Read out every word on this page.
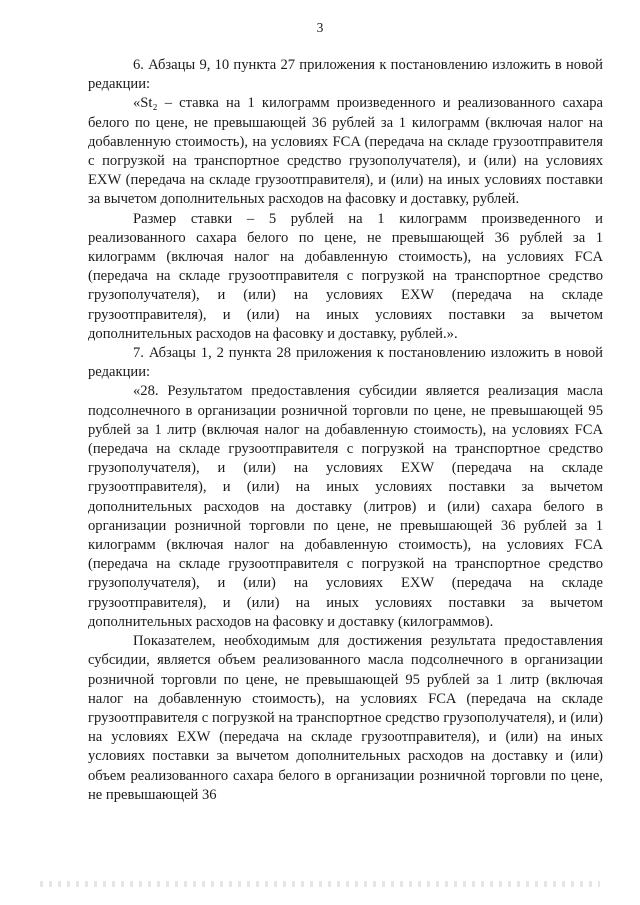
3

6. Абзацы 9, 10 пункта 27 приложения к постановлению изложить в новой редакции:

«St₂ – ставка на 1 килограмм произведенного и реализованного сахара белого по цене, не превышающей 36 рублей за 1 килограмм (включая налог на добавленную стоимость), на условиях FCA (передача на складе грузоотправителя с погрузкой на транспортное средство грузополучателя), и (или) на условиях EXW (передача на складе грузоотправителя), и (или) на иных условиях поставки за вычетом дополнительных расходов на фасовку и доставку, рублей.

Размер ставки – 5 рублей на 1 килограмм произведенного и реализованного сахара белого по цене, не превышающей 36 рублей за 1 килограмм (включая налог на добавленную стоимость), на условиях FCA (передача на складе грузоотправителя с погрузкой на транспортное средство грузополучателя), и (или) на условиях EXW (передача на складе грузоотправителя), и (или) на иных условиях поставки за вычетом дополнительных расходов на фасовку и доставку, рублей.».

7. Абзацы 1, 2 пункта 28 приложения к постановлению изложить в новой редакции:

«28. Результатом предоставления субсидии является реализация масла подсолнечного в организации розничной торговли по цене, не превышающей 95 рублей за 1 литр (включая налог на добавленную стоимость), на условиях FCA (передача на складе грузоотправителя с погрузкой на транспортное средство грузополучателя), и (или) на условиях EXW (передача на складе грузоотправителя), и (или) на иных условиях поставки за вычетом дополнительных расходов на доставку (литров) и (или) сахара белого в организации розничной торговли по цене, не превышающей 36 рублей за 1 килограмм (включая налог на добавленную стоимость), на условиях FCA (передача на складе грузоотправителя с погрузкой на транспортное средство грузополучателя), и (или) на условиях EXW (передача на складе грузоотправителя), и (или) на иных условиях поставки за вычетом дополнительных расходов на фасовку и доставку (килограммов).

Показателем, необходимым для достижения результата предоставления субсидии, является объем реализованного масла подсолнечного в организации розничной торговли по цене, не превышающей 95 рублей за 1 литр (включая налог на добавленную стоимость), на условиях FCA (передача на складе грузоотправителя с погрузкой на транспортное средство грузополучателя), и (или) на условиях EXW (передача на складе грузоотправителя), и (или) на иных условиях поставки за вычетом дополнительных расходов на доставку и (или) объем реализованного сахара белого в организации розничной торговли по цене, не превышающей 36
